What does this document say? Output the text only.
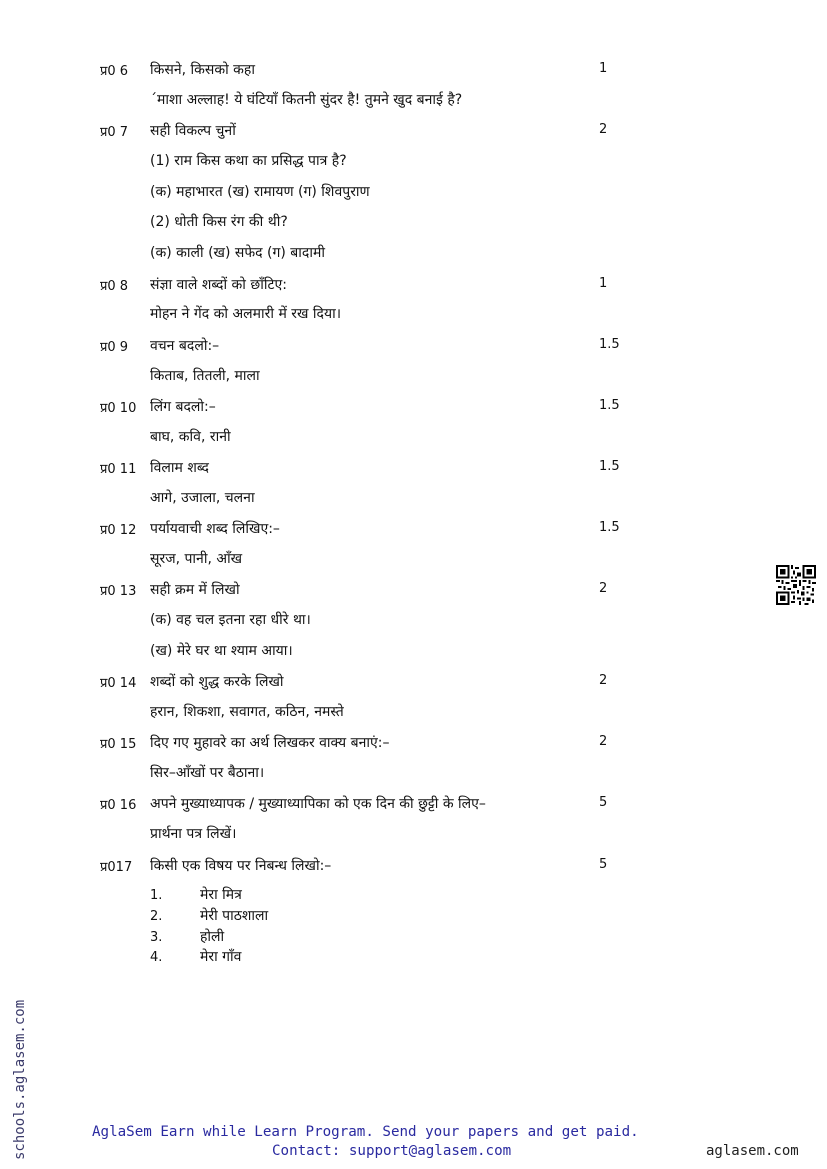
प्र0 6 किसने, किसको कहा	1
´माशा अल्लाह! ये घंटियाँ कितनी सुंदर है! तुमने खुद बनाई है?
प्र0 7 सही विकल्प चुनों	2
(1) राम किस कथा का प्रसिद्ध पात्र है?
(क) महाभारत (ख) रामायण (ग) शिवपुराण
(2) धोती किस रंग की थी?
(क) काली (ख) सफेद (ग) बादामी
प्र0 8 संज्ञा वाले शब्दों को छाँटिए:	1
मोहन ने गेंद को अलमारी में रख दिया।
प्र0 9 वचन बदलो:–	1.5
किताब, तितली, माला
प्र0 10 लिंग बदलो:–	1.5
बाघ, कवि, रानी
प्र0 11 विलाम शब्द	1.5
आगे, उजाला, चलना
प्र0 12 पर्यायवाची शब्द लिखिए:–	1.5
सूरज, पानी, आँख
प्र0 13 सही क्रम में लिखो	2
(क) वह चल इतना रहा धीरे था।
(ख) मेरे घर था श्याम आया।
प्र0 14 शब्दों को शुद्ध करके लिखो	2
हरान, शिकशा, सवागत, कठिन, नमस्ते
प्र0 15 दिए गए मुहावरे का अर्थ लिखकर वाक्य बनाएं:–	2
सिर–आँखों पर बैठाना।
प्र0 16 अपने मुख्याध्यापक / मुख्याध्यापिका को एक दिन की छुट्टी के लिए–	5
प्रार्थना पत्र लिखें।
प्र017 किसी एक विषय पर निबन्ध लिखो:–	5
1.	मेरा मित्र
2.	मेरी पाठशाला
3.	होली
4.	मेरा गाँव
schools.aglasem.com	AglaSem Earn while Learn Program. Send your papers and get paid.
Contact: support@aglasem.com	aglasem.com
